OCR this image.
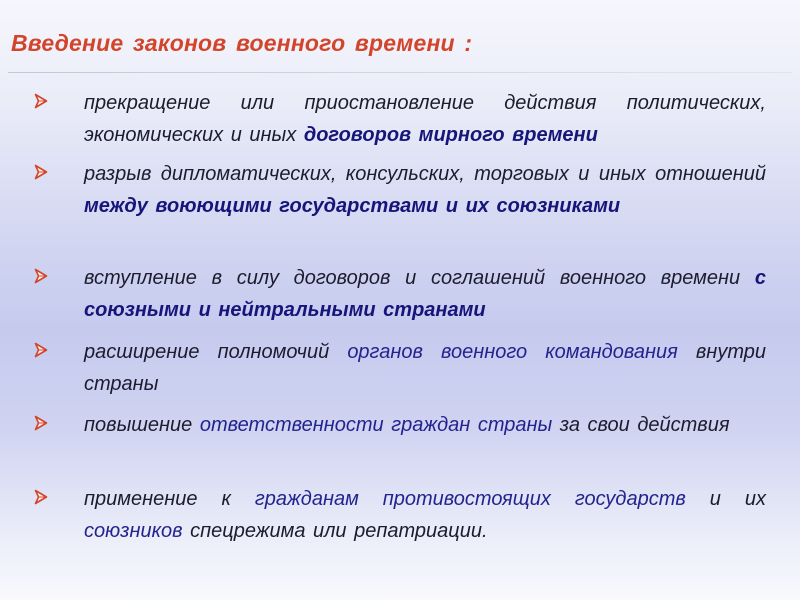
Введение законов военного времени :

прекращение или приостановление действия политических, экономических и иных договоров мирного времени

разрыв дипломатических, консульских, торговых и иных отношений между воюющими государствами и их союзниками

вступление в силу договоров и соглашений военного времени с союзными и нейтральными странами

расширение полномочий органов военного командования внутри страны

повышение ответственности граждан страны за свои действия

применение к гражданам противостоящих государств и их союзников спецрежима или репатриации.
